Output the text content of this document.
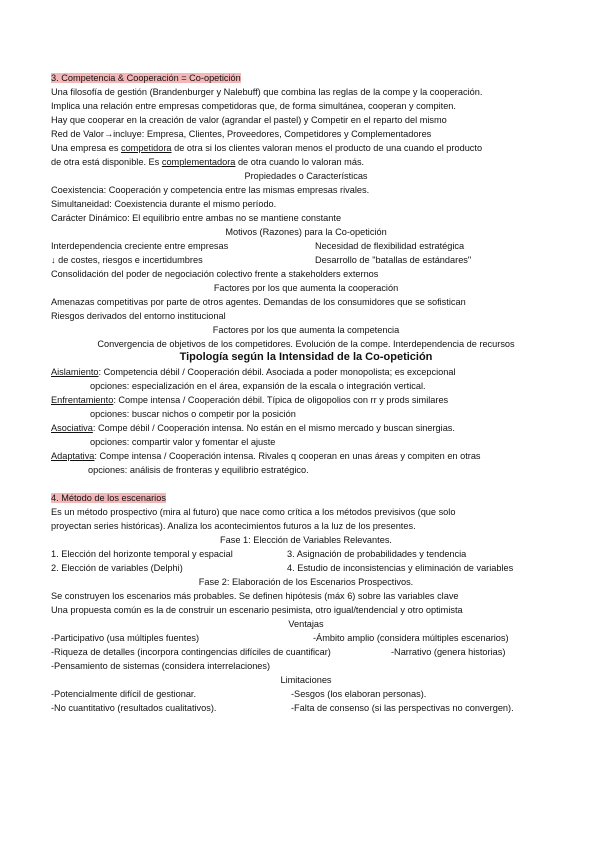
3. Competencia & Cooperación = Co-opetición
Una filosofía de gestión (Brandenburger y Nalebuff) que combina las reglas de la compe y la cooperación.
Implica una relación entre empresas competidoras que, de forma simultánea, cooperan y compiten.
Hay que cooperar en la creación de valor (agrandar el pastel) y Competir en el reparto del mismo
Red de Valor→incluye: Empresa, Clientes, Proveedores, Competidores y Complementadores
Una empresa es competidora de otra si los clientes valoran menos el producto de una cuando el producto
de otra está disponible. Es complementadora de otra cuando lo valoran más.
Propiedades o Características
Coexistencia: Cooperación y competencia entre las mismas empresas rivales.
Simultaneidad: Coexistencia durante el mismo período.
Carácter Dinámico: El equilibrio entre ambas no se mantiene constante
Motivos (Razones) para la Co-opetición
Interdependencia creciente entre empresas	Necesidad de flexibilidad estratégica
↓ de costes, riesgos e incertidumbres	Desarrollo de "batallas de estándares"
Consolidación del poder de negociación colectivo frente a stakeholders externos
Factores por los que aumenta la cooperación
Amenazas competitivas por parte de otros agentes. Demandas de los consumidores que se sofistican
Riesgos derivados del entorno institucional
Factores por los que aumenta la competencia
Convergencia de objetivos de los competidores. Evolución de la compe. Interdependencia de recursos
Tipología según la Intensidad de la Co-opetición
Aislamiento: Competencia débil / Cooperación débil. Asociada a poder monopolista; es excepcional
opciones: especialización en el área, expansión de la escala o integración vertical.
Enfrentamiento: Compe intensa / Cooperación débil. Típica de oligopolios con rr y prods similares
opciones: buscar nichos o competir por la posición
Asociativa: Compe débil / Cooperación intensa. No están en el mismo mercado y buscan sinergias.
opciones: compartir valor y fomentar el ajuste
Adaptativa: Compe intensa / Cooperación intensa. Rivales q cooperan en unas áreas y compiten en otras
opciones: análisis de fronteras y equilibrio estratégico.
4. Método de los escenarios
Es un método prospectivo (mira al futuro) que nace como crítica a los métodos previsivos (que solo
proyectan series históricas). Analiza los acontecimientos futuros a la luz de los presentes.
Fase 1: Elección de Variables Relevantes.
1. Elección del horizonte temporal y espacial	3. Asignación de probabilidades y tendencia
2. Elección de variables (Delphi)	4. Estudio de inconsistencias y eliminación de variables
Fase 2: Elaboración de los Escenarios Prospectivos.
Se construyen los escenarios más probables. Se definen hipótesis (máx 6) sobre las variables clave
Una propuesta común es la de construir un escenario pesimista, otro igual/tendencial y otro optimista
Ventajas
-Participativo (usa múltiples fuentes)	-Ámbito amplio (considera múltiples escenarios)
-Riqueza de detalles (incorpora contingencias difíciles de cuantificar)	-Narrativo (genera historias)
-Pensamiento de sistemas (considera interrelaciones)
Limitaciones
-Potencialmente difícil de gestionar.	-Sesgos (los elaboran personas).
-No cuantitativo (resultados cualitativos).	-Falta de consenso (si las perspectivas no convergen).
